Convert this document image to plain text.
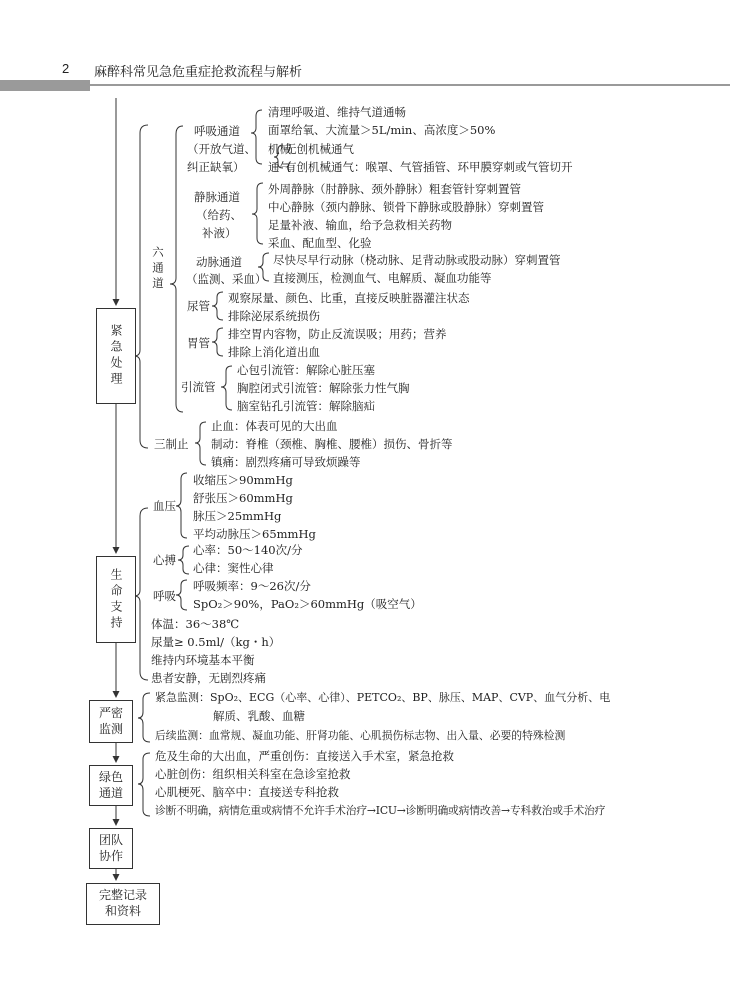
2 麻醉科常见急危重症抢救流程与解析
紧急处理
生命支持
严密
监测
绿色
通道
团队
协作
完整记录
和资料
六通道
呼吸通道
（开放气道、
纠正缺氧）
清理呼吸道、维持气道通畅
面罩给氧、大流量＞5L/min、高浓度＞50%
机械
通气
无创机械通气
有创机械通气：喉罩、气管插管、环甲膜穿刺或气管切开
静脉通道
（给药、
补液）
外周静脉（肘静脉、颈外静脉）粗套管针穿刺置管
中心静脉（颈内静脉、锁骨下静脉或股静脉）穿刺置管
足量补液、输血，给予急救相关药物
采血、配血型、化验
动脉通道
（监测、采血）
尽快尽早行动脉（桡动脉、足背动脉或股动脉）穿刺置管
直接测压，检测血气、电解质、凝血功能等
尿管
观察尿量、颜色、比重，直接反映脏器灌注状态
排除泌尿系统损伤
胃管
排空胃内容物，防止反流误吸；用药；营养
排除上消化道出血
引流管
心包引流管：解除心脏压塞
胸腔闭式引流管：解除张力性气胸
脑室钻孔引流管：解除脑疝
三制止
止血：体表可见的大出血
制动：脊椎（颈椎、胸椎、腰椎）损伤、骨折等
镇痛：剧烈疼痛可导致烦躁等
血压
收缩压＞90mmHg
舒张压＞60mmHg
脉压＞25mmHg
平均动脉压＞65mmHg
心搏
心率：50～140次/分
心律：窦性心律
呼吸
呼吸频率：9～26次/分
SpO₂＞90%，PaO₂＞60mmHg（吸空气）
体温：36～38℃
尿量≥ 0.5ml/（kg・h）
维持内环境基本平衡
患者安静，无剧烈疼痛
紧急监测：SpO₂、ECG（心率、心律）、PETCO₂、BP、脉压、MAP、CVP、血气分析、电
解质、乳酸、血糖
后续监测：血常规、凝血功能、肝肾功能、心肌损伤标志物、出入量、必要的特殊检测
危及生命的大出血，严重创伤：直接送入手术室，紧急抢救
心脏创伤：组织相关科室在急诊室抢救
心肌梗死、脑卒中：直接送专科抢救
诊断不明确，病情危重或病情不允许手术治疗→ICU→诊断明确或病情改善→专科救治或手术治疗
